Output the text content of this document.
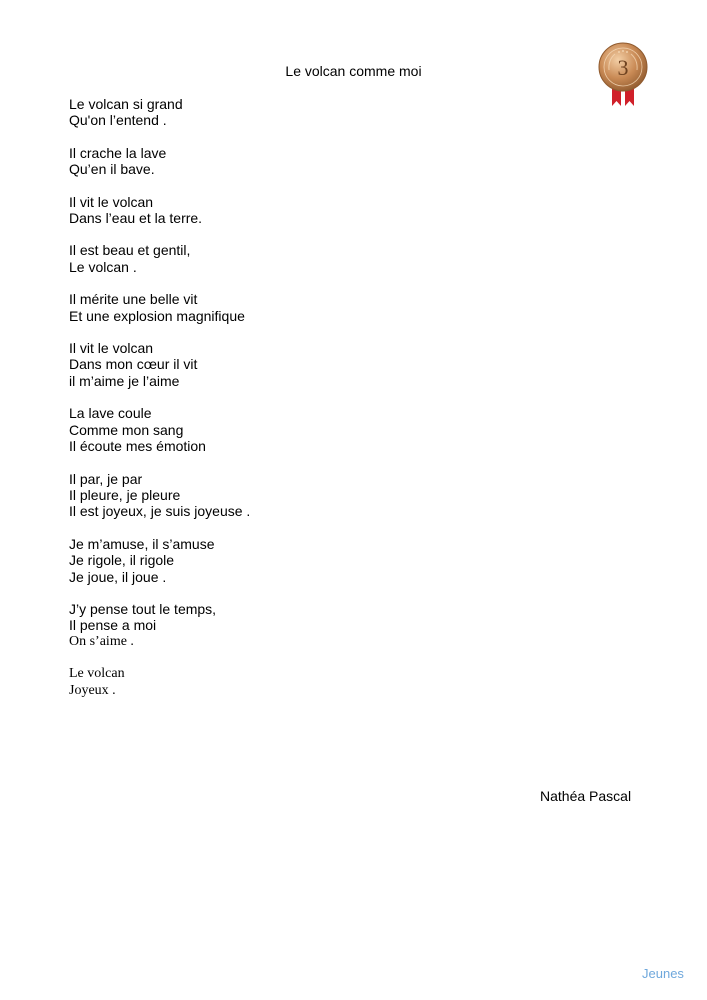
Le volcan comme moi	3
Le volcan si grand
Qu'on l’entend .
Il crache la lave
Qu’en il bave.
Il vit le volcan
Dans l’eau et la terre.
Il est beau et gentil,
Le volcan .
Il mérite une belle vit
Et une explosion magnifique
Il vit le volcan
Dans mon cœur il vit
il m’aime je l’aime
La lave coule
Comme mon sang
Il écoute mes émotion
Il par, je par
Il pleure, je pleure
Il est joyeux, je suis joyeuse .
Je m’amuse, il s’amuse
Je rigole, il rigole
Je joue, il joue .
J’y pense tout le temps,
Il pense a moi
On s’aime .
Le volcan
Joyeux .
Nathéa Pascal
Jeunes
